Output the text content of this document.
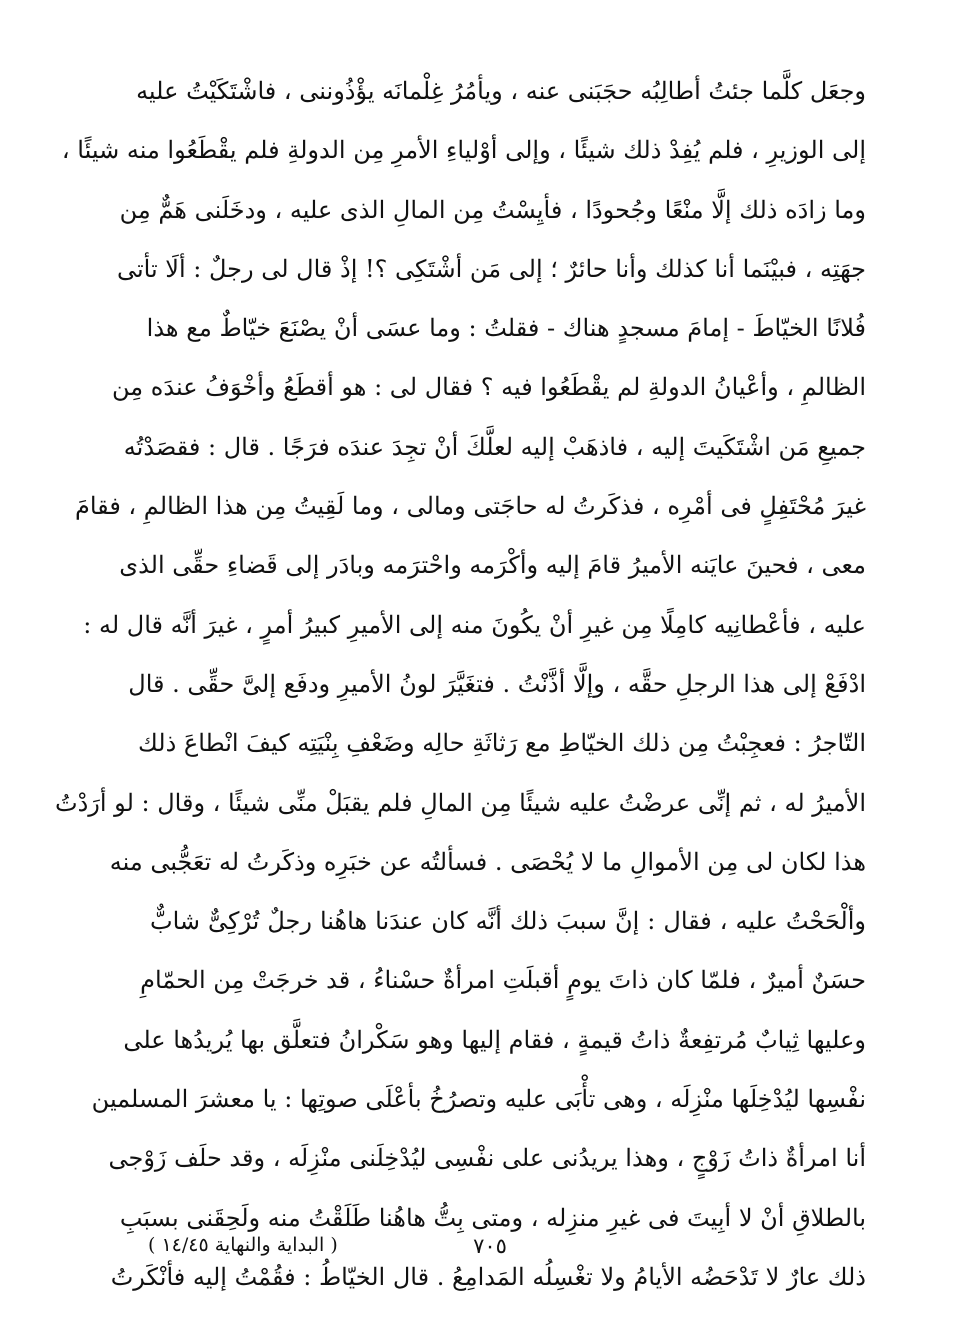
وجعَل كلَّما جئتُ أطالِبُه حجَبَنى عنه ، ويأمُرُ غِلْمانَه يؤْذُوننى ، فاشْتَكَيْتُ عليه
إلى الوزيرِ ، فلم يُفِدْ ذلك شيئًا ، وإلى أوْلياءِ الأمرِ مِن الدولةِ فلم يقْطَعُوا منه شيئًا ،
وما زادَه ذلك إلَّا منْعًا وجُحودًا ، فأيِسْتُ مِن المالِ الذى عليه ، ودخَلَنى هَمٌّ مِن
جهَتِه ، فبيْنَما أنا كذلك وأنا حائرٌ ؛ إلى مَن أشْتَكِى ؟! إذْ قال لى رجلٌ : ألَا تأتى
فُلانًا الخيّاطَ - إمامَ مسجدٍ هناك - فقلتُ : وما عسَى أنْ يصْنَعَ خيّاطٌ مع هذا
الظالمِ ، وأعْيانُ الدولةِ لم يقْطَعُوا فيه ؟ فقال لى : هو أقطَعُ وأخْوَفُ عندَه مِن
جميعِ مَن اشْتَكَيتَ إليه ، فاذهَبْ إليه لعلَّكَ أنْ تجِدَ عندَه فرَجًا . قال : فقصَدْتُه
غيرَ مُحْتَفِلٍ فى أمْرِه ، فذكَرتُ له حاجَتى ومالى ، وما لَقِيتُ مِن هذا الظالمِ ، فقامَ
معى ، فحينَ عايَنه الأميرُ قامَ إليه وأكْرَمه واحْترَمه وبادَر إلى قَضاءِ حقِّى الذى
عليه ، فأعْطانِيه كامِلًا مِن غيرِ أنْ يكُونَ منه إلى الأميرِ كبيرُ أمرٍ ، غيرَ أنَّه قال له :
ادْفَعْ إلى هذا الرجلِ حقَّه ، وإلَّا أذَّنْتُ . فتغَيَّرَ لونُ الأميرِ ودفَع إلىَّ حقِّى . قال
التّاجرُ : فعجِبْتُ مِن ذلك الخيّاطِ مع رَثاثَةِ حالِه وضَعْفِ بِنْيَتِه كيفَ انْطاعَ ذلك
الأميرُ له ، ثم إنِّى عرضْتُ عليه شيئًا مِن المالِ فلم يقبَلْ منِّى شيئًا ، وقال : لو أرَدْتُ
هذا لكان لى مِن الأموالِ ما لا يُحْصَى . فسألتُه عن خبَرِه وذكَرتُ له تعَجُّبى منه
وألْحَحْتُ عليه ، فقال : إنَّ سببَ ذلك أنَّه كان عندَنا هاهُنا رجلٌ تُرْكِىٌّ شابٌّ
حسَنٌ أميرٌ ، فلمّا كان ذاتَ يومٍ أقبلَتِ امرأةٌ حسْناءُ ، قد خرجَتْ مِن الحمّامِ
وعليها ثِيابٌ مُرتفِعةٌ ذاتُ قيمةٍ ، فقام إليها وهو سَكْرانُ فتعلَّق بها يُريدُها على
نفْسِها ليُدْخِلَها منْزِلَه ، وهى تأْبَى عليه وتصرُخُ بأعْلَى صوتِها : يا معشرَ المسلمين
أنا امرأةٌ ذاتُ زَوْجٍ ، وهذا يريدُنى على نفْسِى ليُدْخِلَنى منْزِلَه ، وقد حلَف زَوْجى
بالطلاقِ أنْ لا أبِيتَ فى غيرِ منزِله ، ومتى بِتُّ هاهُنا طَلَقْتُ منه ولَحِقَنى بسبَبِ
ذلك عارٌ لا تَدْحَضُه الأيامُ ولا تغْسِلُه المَدامِعُ . قال الخيّاطُ : فقُمْتُ إليه فأنْكَرتُ
( البداية والنهاية ١٤/٤٥ )	٧٠٥
